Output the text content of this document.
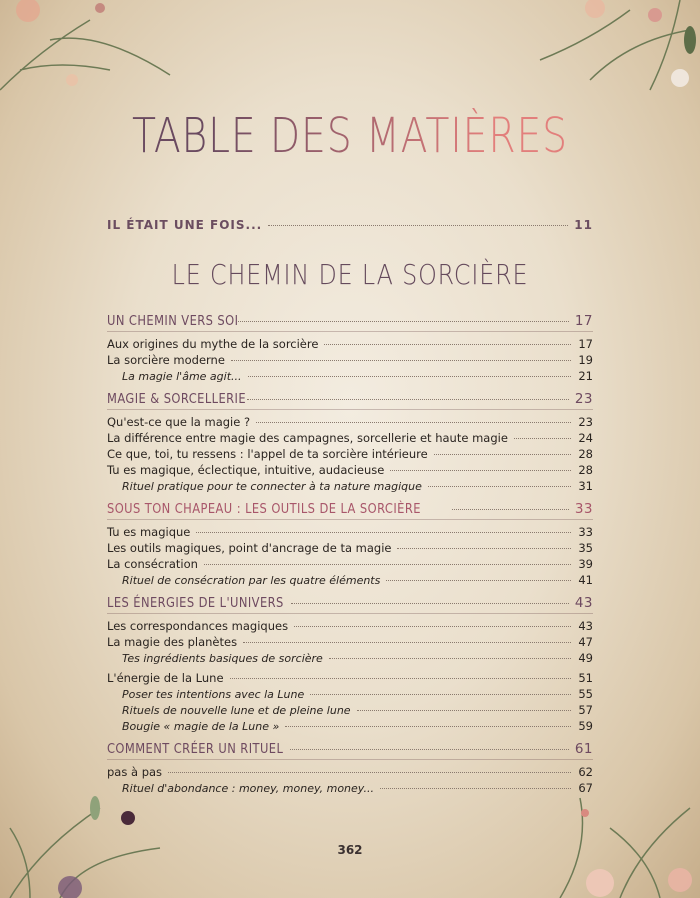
TABLE DES MATIÈRES
IL ÉTAIT UNE FOIS...	11
LE CHEMIN DE LA SORCIÈRE
UN CHEMIN VERS SOI	17
Aux origines du mythe de la sorcière	17
La sorcière moderne	19
La magie l'âme agit...	21
MAGIE & SORCELLERIE	23
Qu'est-ce que la magie ?	23
La différence entre magie des campagnes, sorcellerie et haute magie	24
Ce que, toi, tu ressens : l'appel de ta sorcière intérieure	28
Tu es magique, éclectique, intuitive, audacieuse	28
Rituel pratique pour te connecter à ta nature magique	31
SOUS TON CHAPEAU : LES OUTILS DE LA SORCIÈRE	33
Tu es magique	33
Les outils magiques, point d'ancrage de ta magie	35
La consécration	39
Rituel de consécration par les quatre éléments	41
LES ÉNERGIES DE L'UNIVERS	43
Les correspondances magiques	43
La magie des planètes	47
Tes ingrédients basiques de sorcière	49
L'énergie de la Lune	51
Poser tes intentions avec la Lune	55
Rituels de nouvelle lune et de pleine lune	57
Bougie « magie de la Lune »	59
COMMENT CRÉER UN RITUEL	61
pas à pas	62
Rituel d'abondance : money, money, money...	67
362
